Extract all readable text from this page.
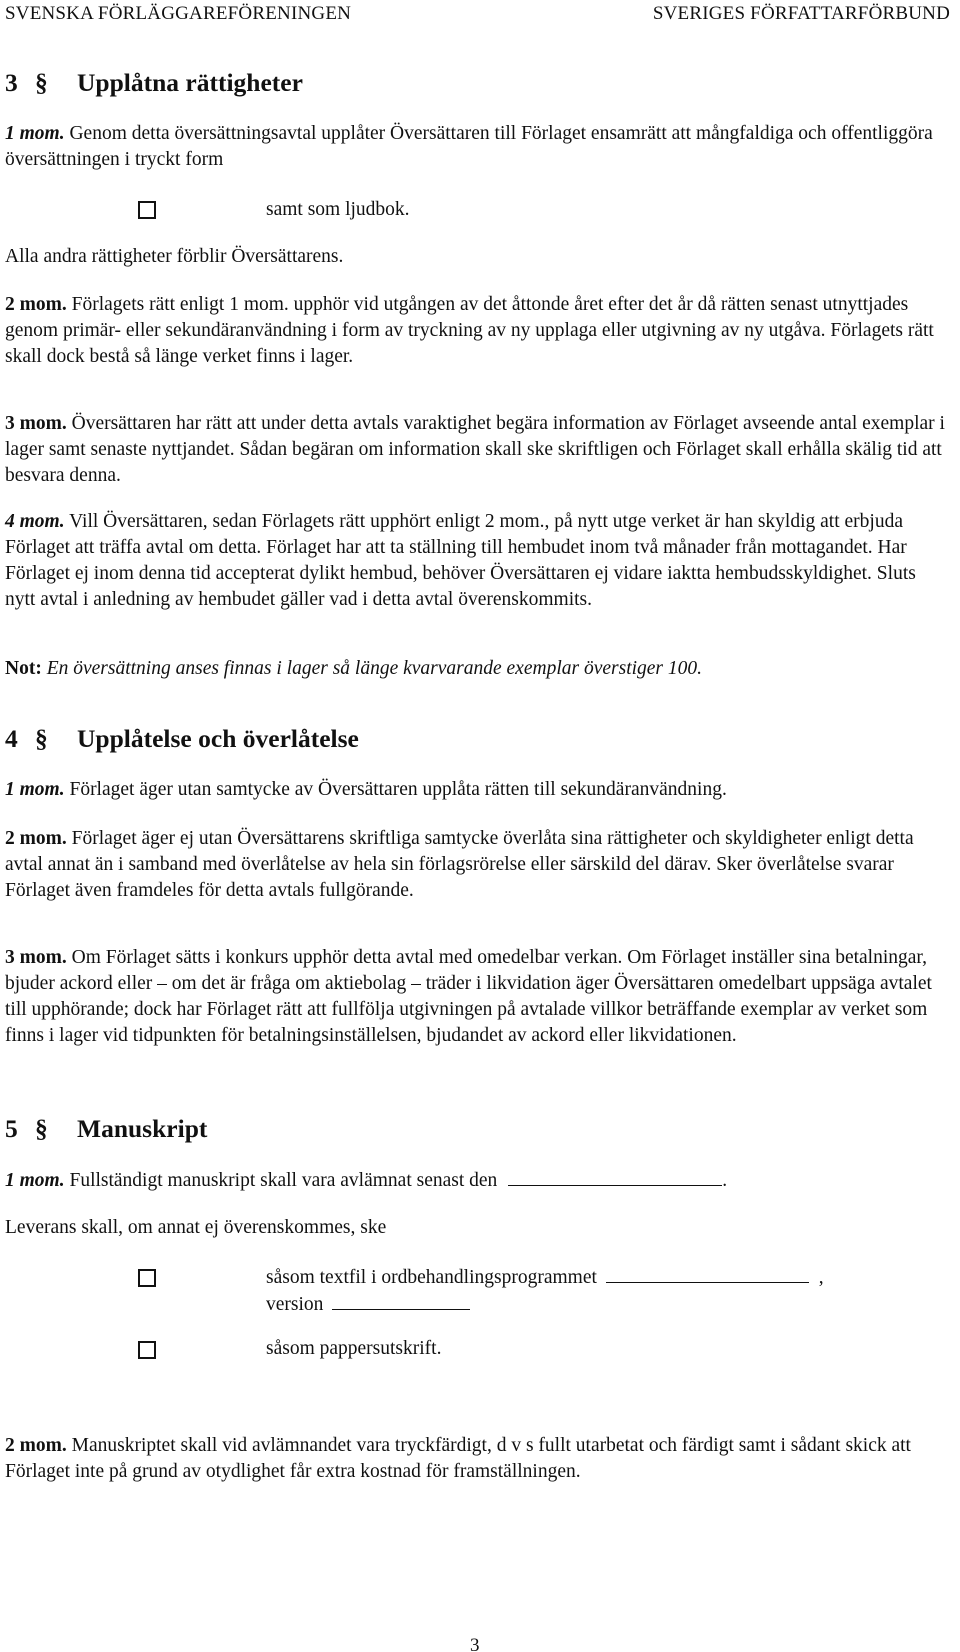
SVENSKA FÖRLÄGGAREFÖRENINGEN	SVERIGES FÖRFATTARFÖRBUND
3 § Upplåtna rättigheter

1 mom. Genom detta översättningsavtal upplåter Översättaren till Förlaget ensamrätt att mångfaldiga och offentliggöra översättningen i tryckt form

samt som ljudbok.

Alla andra rättigheter förblir Översättarens.

2 mom. Förlagets rätt enligt 1 mom. upphör vid utgången av det åttonde året efter det år då rätten senast utnyttjades genom primär- eller sekundäranvändning i form av tryckning av ny upplaga eller utgivning av ny utgåva. Förlagets rätt skall dock bestå så länge verket finns i lager.

3 mom. Översättaren har rätt att under detta avtals varaktighet begära information av Förlaget avseende antal exemplar i lager samt senaste nyttjandet. Sådan begäran om information skall ske skriftligen och Förlaget skall erhålla skälig tid att besvara denna.

4 mom. Vill Översättaren, sedan Förlagets rätt upphört enligt 2 mom., på nytt utge verket är han skyldig att erbjuda Förlaget att träffa avtal om detta. Förlaget har att ta ställning till hembudet inom två månader från mottagandet. Har Förlaget ej inom denna tid accepterat dylikt hembud, behöver Översättaren ej vidare iaktta hembudsskyldighet. Sluts nytt avtal i anledning av hembudet gäller vad i detta avtal överenskommits.

Not: En översättning anses finnas i lager så länge kvarvarande exemplar överstiger 100.

4 § Upplåtelse och överlåtelse

1 mom. Förlaget äger utan samtycke av Översättaren upplåta rätten till sekundäranvändning.

2 mom. Förlaget äger ej utan Översättarens skriftliga samtycke överlåta sina rättigheter och skyldigheter enligt detta avtal annat än i samband med överlåtelse av hela sin förlagsrörelse eller särskild del därav. Sker överlåtelse svarar Förlaget även framdeles för detta avtals fullgörande.

3 mom. Om Förlaget sätts i konkurs upphör detta avtal med omedelbar verkan. Om Förlaget inställer sina betalningar, bjuder ackord eller – om det är fråga om aktiebolag – träder i likvidation äger Översättaren omedelbart uppsäga avtalet till upphörande; dock har Förlaget rätt att fullfölja utgivningen på avtalade villkor beträffande exemplar av verket som finns i lager vid tidpunkten för betalningsinställelsen, bjudandet av ackord eller likvidationen.

5 § Manuskript

1 mom. Fullständigt manuskript skall vara avlämnat senast den	.

Leverans skall, om annat ej överenskommes, ske

såsom textfil i ordbehandlingsprogrammet	,
version
såsom pappersutskrift.

2 mom. Manuskriptet skall vid avlämnandet vara tryckfärdigt, d v s fullt utarbetat och färdigt samt i sådant skick att Förlaget inte på grund av otydlighet får extra kostnad för framställningen.

3
